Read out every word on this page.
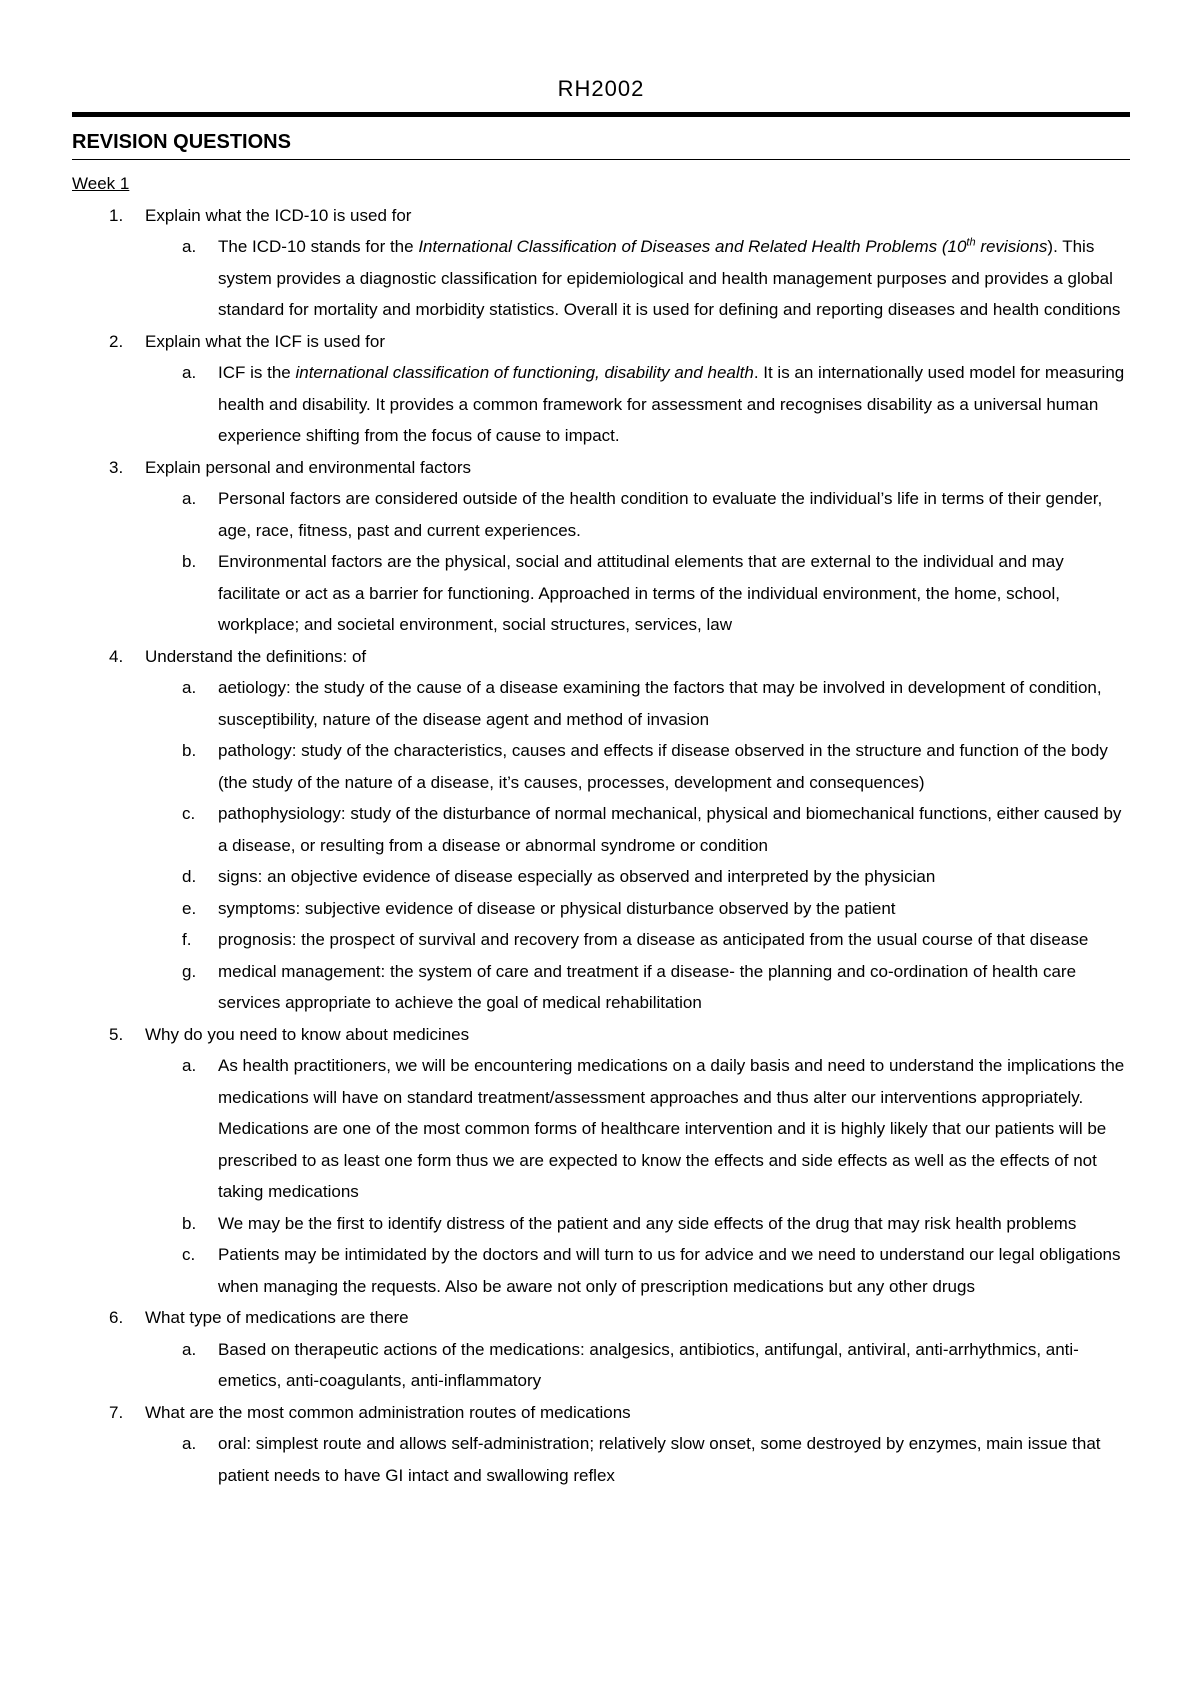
RH2002
REVISION QUESTIONS
Week 1
1. Explain what the ICD-10 is used for
a. The ICD-10 stands for the International Classification of Diseases and Related Health Problems (10th revisions). This system provides a diagnostic classification for epidemiological and health management purposes and provides a global standard for mortality and morbidity statistics. Overall it is used for defining and reporting diseases and health conditions
2. Explain what the ICF is used for
a. ICF is the international classification of functioning, disability and health. It is an internationally used model for measuring health and disability. It provides a common framework for assessment and recognises disability as a universal human experience shifting from the focus of cause to impact.
3. Explain personal and environmental factors
a. Personal factors are considered outside of the health condition to evaluate the individual’s life in terms of their gender, age, race, fitness, past and current experiences.
b. Environmental factors are the physical, social and attitudinal elements that are external to the individual and may facilitate or act as a barrier for functioning. Approached in terms of the individual environment, the home, school, workplace; and societal environment, social structures, services, law
4. Understand the definitions: of
a. aetiology: the study of the cause of a disease examining the factors that may be involved in development of condition, susceptibility, nature of the disease agent and method of invasion
b. pathology: study of the characteristics, causes and effects if disease observed in the structure and function of the body (the study of the nature of a disease, it’s causes, processes, development and consequences)
c. pathophysiology: study of the disturbance of normal mechanical, physical and biomechanical functions, either caused by a disease, or resulting from a disease or abnormal syndrome or condition
d. signs: an objective evidence of disease especially as observed and interpreted by the physician
e. symptoms: subjective evidence of disease or physical disturbance observed by the patient
f. prognosis: the prospect of survival and recovery from a disease as anticipated from the usual course of that disease
g. medical management: the system of care and treatment if a disease- the planning and co-ordination of health care services appropriate to achieve the goal of medical rehabilitation
5. Why do you need to know about medicines
a. As health practitioners, we will be encountering medications on a daily basis and need to understand the implications the medications will have on standard treatment/assessment approaches and thus alter our interventions appropriately. Medications are one of the most common forms of healthcare intervention and it is highly likely that our patients will be prescribed to as least one form thus we are expected to know the effects and side effects as well as the effects of not taking medications
b. We may be the first to identify distress of the patient and any side effects of the drug that may risk health problems
c. Patients may be intimidated by the doctors and will turn to us for advice and we need to understand our legal obligations when managing the requests. Also be aware not only of prescription medications but any other drugs
6. What type of medications are there
a. Based on therapeutic actions of the medications: analgesics, antibiotics, antifungal, antiviral, anti-arrhythmics, anti-emetics, anti-coagulants, anti-inflammatory
7. What are the most common administration routes of medications
a. oral: simplest route and allows self-administration; relatively slow onset, some destroyed by enzymes, main issue that patient needs to have GI intact and swallowing reflex
